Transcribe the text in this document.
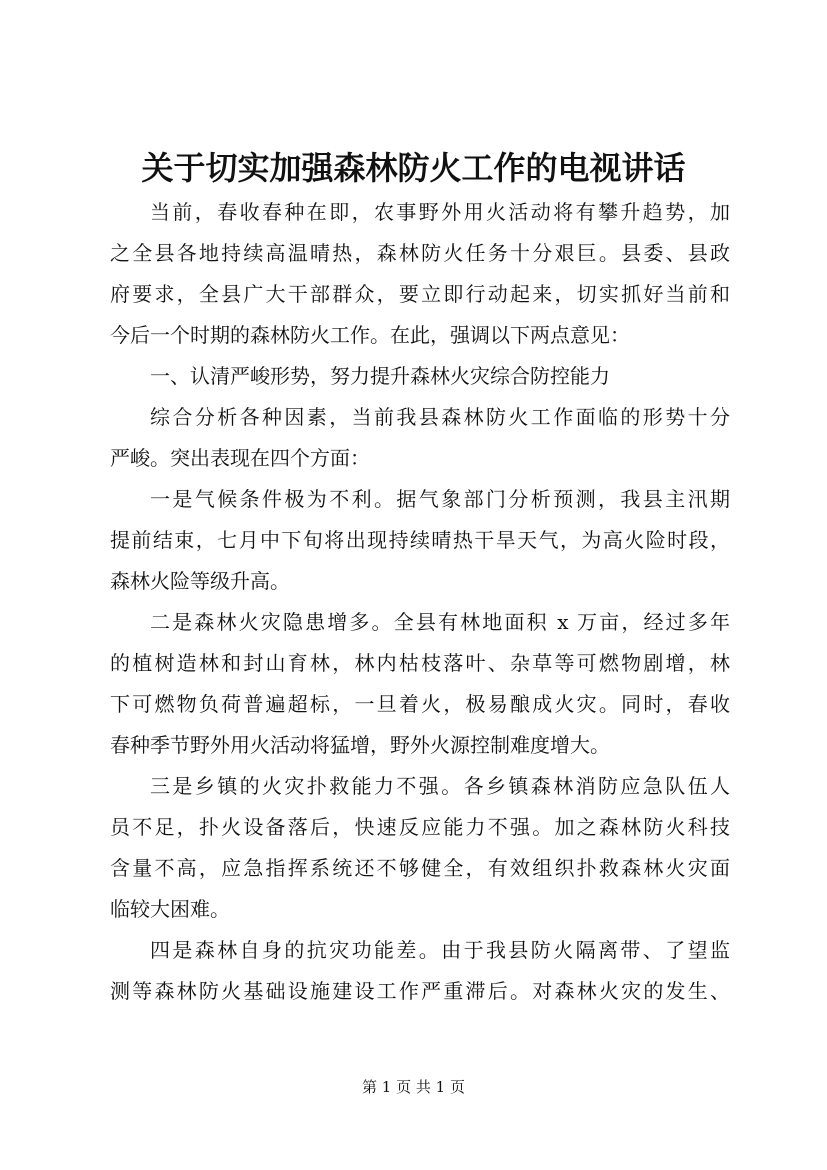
关于切实加强森林防火工作的电视讲话
当前，春收春种在即，农事野外用火活动将有攀升趋势，加
之全县各地持续高温晴热，森林防火任务十分艰巨。县委、县政
府要求，全县广大干部群众，要立即行动起来，切实抓好当前和
今后一个时期的森林防火工作。在此，强调以下两点意见：
一、认清严峻形势，努力提升森林火灾综合防控能力
综合分析各种因素，当前我县森林防火工作面临的形势十分
严峻。突出表现在四个方面：
一是气候条件极为不利。据气象部门分析预测，我县主汛期
提前结束，七月中下旬将出现持续晴热干旱天气，为高火险时段，
森林火险等级升高。
二是森林火灾隐患增多。全县有林地面积 x 万亩，经过多年
的植树造林和封山育林，林内枯枝落叶、杂草等可燃物剧增，林
下可燃物负荷普遍超标，一旦着火，极易酿成火灾。同时，春收
春种季节野外用火活动将猛增，野外火源控制难度增大。
三是乡镇的火灾扑救能力不强。各乡镇森林消防应急队伍人
员不足，扑火设备落后，快速反应能力不强。加之森林防火科技
含量不高，应急指挥系统还不够健全，有效组织扑救森林火灾面
临较大困难。
四是森林自身的抗灾功能差。由于我县防火隔离带、了望监
测等森林防火基础设施建设工作严重滞后。对森林火灾的发生、
第 1 页 共 1 页
